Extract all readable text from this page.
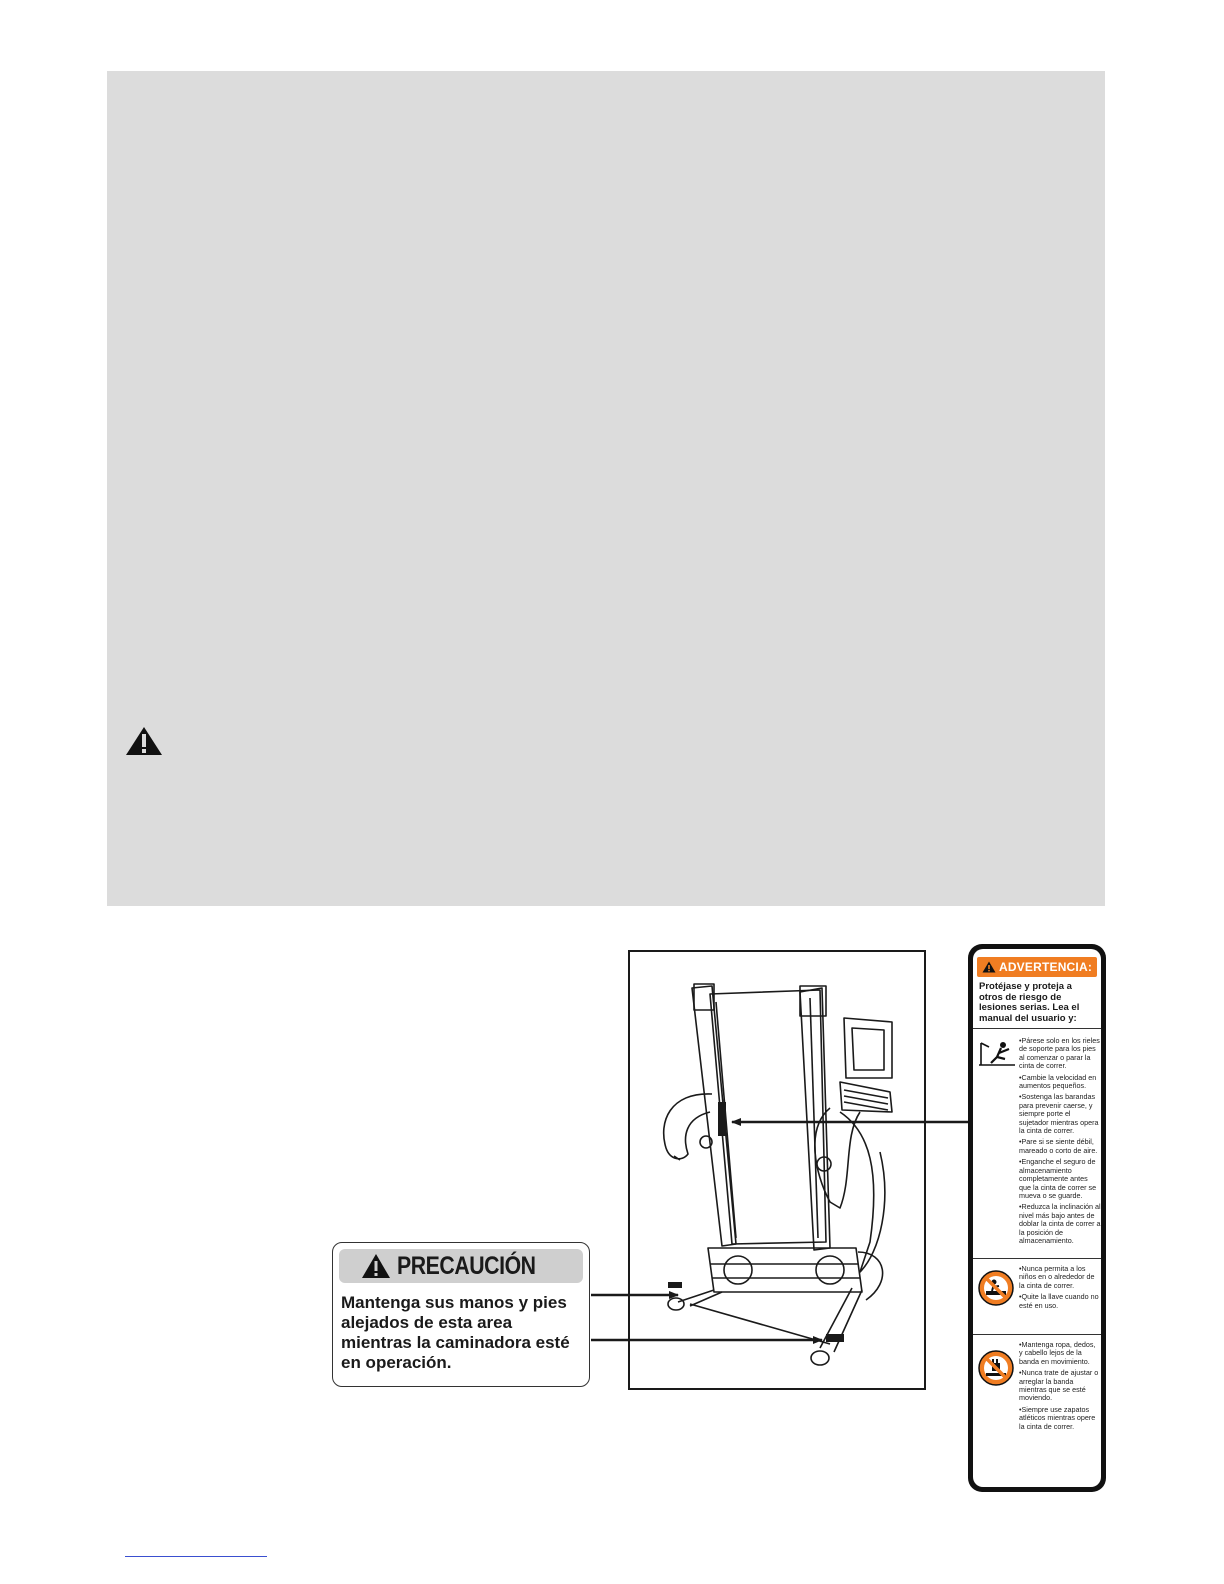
PRECAUCIÓN
Mantenga sus manos y pies
alejados de esta area
mientras la caminadora esté
en operación.
ADVERTENCIA:
Protéjase y proteja a otros de riesgo de lesiones serias. Lea el manual del usuario y:
•Párese solo en los rieles de soporte para los pies al comenzar o parar la cinta de correr.
•Cambie la velocidad en aumentos pequeños.
•Sostenga las barandas para prevenir caerse, y siempre porte el sujetador mientras opera la cinta de correr.
•Pare si se siente débil, mareado o corto de aire.
•Enganche el seguro de almacenamiento completamente antes que la cinta de correr se mueva o se guarde.
•Reduzca la inclinación al nivel más bajo antes de doblar la cinta de correr a la posición de almacenamiento.
•Nunca permita a los niños en o alrededor de la cinta de correr.
•Quite la llave cuando no esté en uso.
•Mantenga ropa, dedos, y cabello lejos de la banda en movimiento.
•Nunca trate de ajustar o arreglar la banda mientras que se esté moviendo.
•Siempre use zapatos atléticos mientras opere la cinta de correr.
